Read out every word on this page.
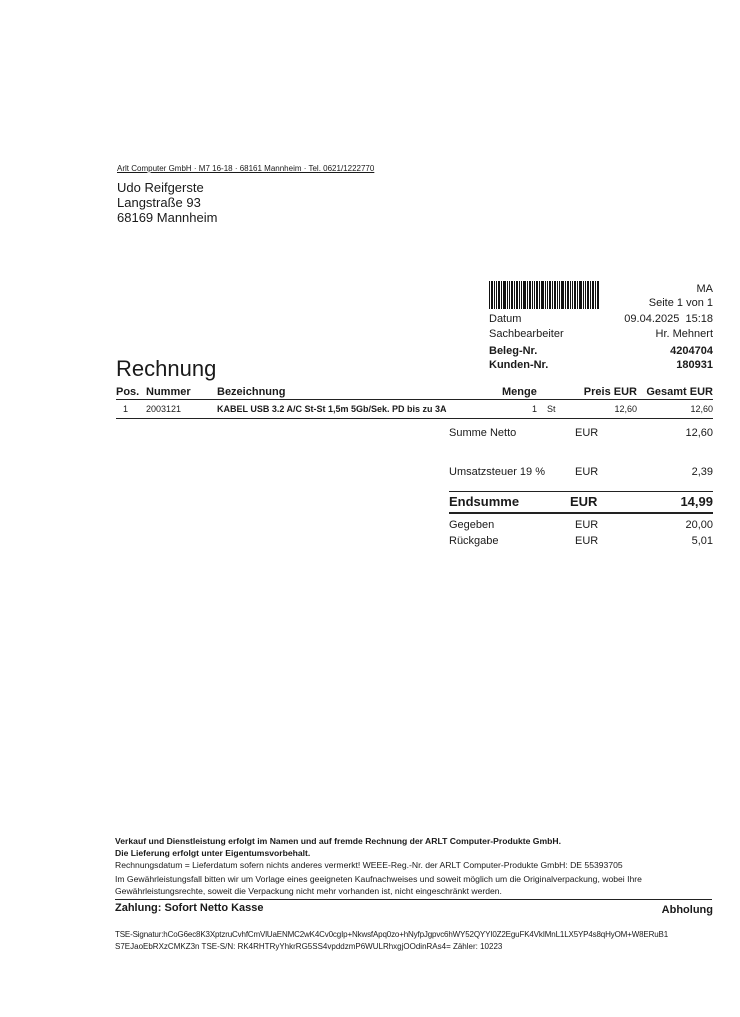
Arlt Computer GmbH · M7 16-18 · 68161 Mannheim · Tel. 0621/1222770
Udo Reifgerste
Langstraße 93
68169 Mannheim
MA
Seite 1 von 1
Datum	09.04.2025  15:18
Sachbearbeiter	Hr. Mehnert
Beleg-Nr.	4204704
Kunden-Nr.	180931
Rechnung
Pos. Nummer Bezeichnung	Menge	Preis EUR Gesamt EUR
1 2003121	KABEL USB 3.2 A/C St-St 1,5m 5Gb/Sek. PD bis zu 3A	1 St	12,60	12,60
Summe Netto	EUR	12,60
Umsatzsteuer 19 %	EUR	2,39
Endsumme	EUR	14,99
Gegeben	EUR	20,00
Rückgabe	EUR	5,01
Verkauf und Dienstleistung erfolgt im Namen und auf fremde Rechnung der ARLT Computer-Produkte GmbH.
Die Lieferung erfolgt unter Eigentumsvorbehalt.
Rechnungsdatum = Lieferdatum sofern nichts anderes vermerkt! WEEE-Reg.-Nr. der ARLT Computer-Produkte GmbH: DE 55393705
Im Gewährleistungsfall bitten wir um Vorlage eines geeigneten Kaufnachweises und soweit möglich um die Originalverpackung, wobei Ihre
Gewährleistungsrechte, soweit die Verpackung nicht mehr vorhanden ist, nicht eingeschränkt werden.
Zahlung: Sofort Netto Kasse	Abholung
TSE-Signatur:hCoG6ec8K3XptzruCvhfCmVlUaENMC2wK4Cv0cgIp+NkwsfApq0zo+hNyfpJgpvc6hWY52QYYI0Z2EguFK4VkIMnL1LX5YP4s8qHyOM+W8ERuB1
S7EJaoEbRXzCMKZ3n TSE-S/N: RK4RHTRyYhkrRG5SS4vpddzmP6WULRhxgjOOdinRAs4= Zähler: 10223
